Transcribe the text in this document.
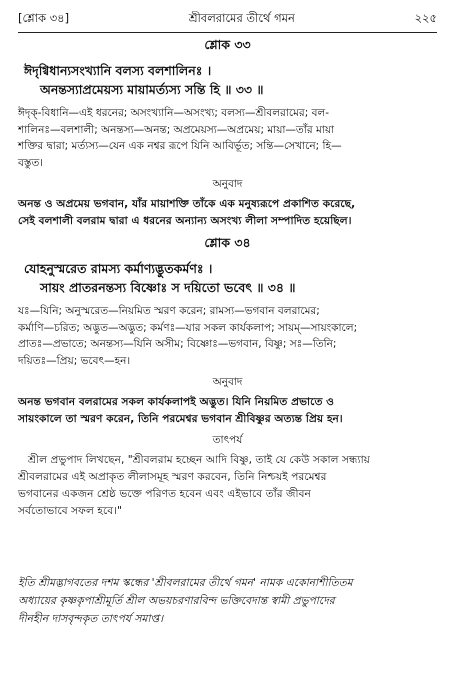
[শ্লোক ৩৪]	শ্রীবলরামের তীর্থে গমন	২২৫
শ্লোক ৩৩

ঈদৃগ্বিধান্যসংখ্যানি বলস্য বলশালিনঃ ।

অনন্তস্যাপ্রমেয়স্য মায়ামর্ত্যস্য সন্তি হি ॥ ৩৩ ॥

ঈদৃক্-বিধানি—এই ধরনের; অসংখ্যানি—অসংখ্য; বলস্য—শ্রীবলরামের; বল-

শালিনঃ—বলশালী; অনন্তস্য—অনন্ত; অপ্রমেয়স্য—অপ্রমেয়; মায়া—তাঁর মায়া

শক্তির দ্বারা; মর্ত্যস্য—যেন এক নশ্বর রূপে যিনি আবির্ভূত; সন্তি—সেখানে; হি—

বস্তুত।

অনুবাদ

অনন্ত ও অপ্রমেয় ভগবান, যাঁর মায়াশক্তি তাঁকে এক মনুষ্যরূপে প্রকাশিত করেছে,

সেই বলশালী বলরাম দ্বারা এ ধরনের অন্যান্য অসংখ্য লীলা সম্পাদিত হয়েছিল।

শ্লোক ৩৪

যোহনুস্মরেত রামস্য কর্মাণ্যদ্ভুতকর্মণঃ ।

সায়ং প্রাতরনন্তস্য বিষ্ণোঃ স দয়িতো ভবেৎ ॥ ৩৪ ॥

যঃ—যিনি; অনুস্মরেত—নিয়মিত স্মরণ করেন; রামস্য—ভগবান বলরামের;

কর্মাণি—চরিত; অদ্ভুত—অদ্ভুত; কর্মণঃ—যার সকল কার্যকলাপ; সায়ম্—সায়ংকালে;

প্রাতঃ—প্রভাতে; অনন্তস্য—যিনি অসীম; বিষ্ণোঃ—ভগবান, বিষ্ণু; সঃ—তিনি;

দয়িতঃ—প্রিয়; ভবেৎ—হন।

অনুবাদ

অনন্ত ভগবান বলরামের সকল কার্যকলাপই অদ্ভুত। যিনি নিয়মিত প্রভাতে ও

সায়ংকালে তা স্মরণ করেন, তিনি পরমেশ্বর ভগবান শ্রীবিষ্ণুর অত্যন্ত প্রিয় হন।

তাৎপর্য

শ্রীল প্রভুপাদ লিখছেন, "শ্রীবলরাম হচ্ছেন আদি বিষ্ণু, তাই যে কেউ সকাল সন্ধ্যায়

শ্রীবলরামের এই অপ্রাকৃত লীলাসমূহ স্মরণ করবেন, তিনি নিশ্চয়ই পরমেশ্বর

ভগবানের একজন শ্রেষ্ঠ ভক্তে পরিণত হবেন এবং এইভাবে তাঁর জীবন

সর্বতোভাবে সফল হবে।"

ইতি শ্রীমদ্ভাগবতের দশম স্কন্ধের 'শ্রীবলরামের তীর্থে গমন' নামক একোনাশীতিতম

অধ্যায়ের কৃষ্ণকৃপাশ্রীমূর্তি শ্রীল অভয়চরণারবিন্দ ভক্তিবেদান্ত স্বামী প্রভুপাদের

দীনহীন দাসবৃন্দকৃত তাৎপর্য সমাপ্ত।
